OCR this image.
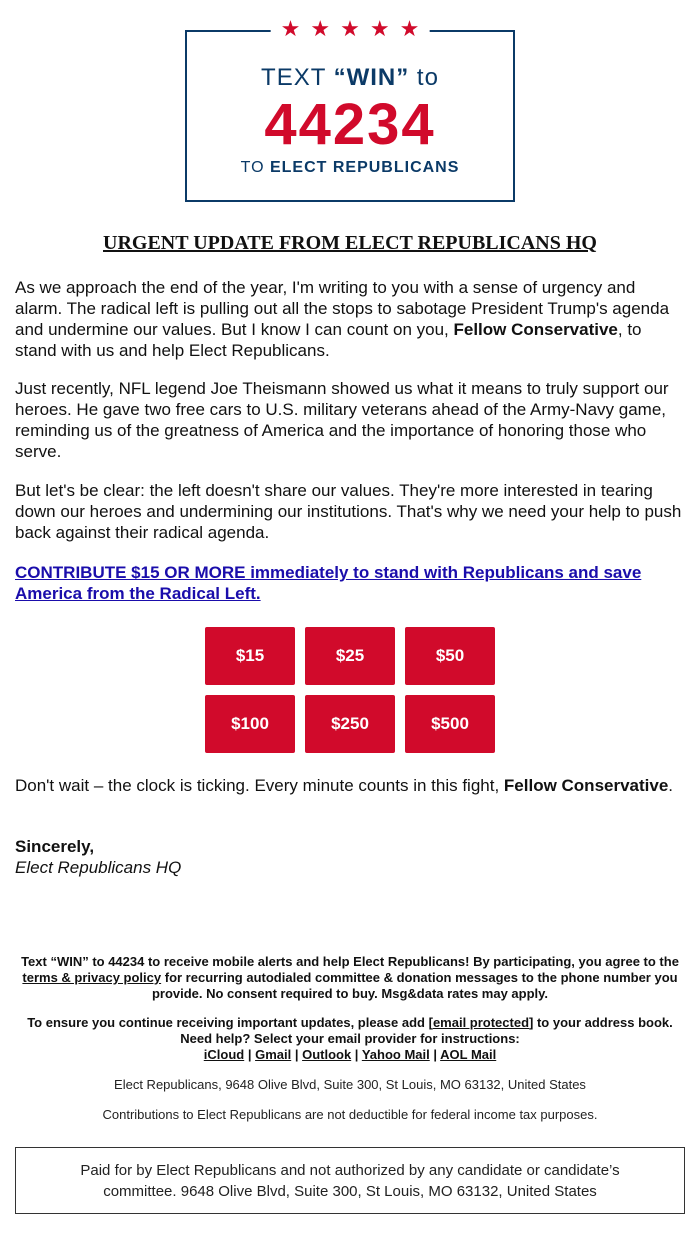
★ ★ ★ ★ ★
TEXT “WIN” to
44234
TO ELECT REPUBLICANS
URGENT UPDATE FROM ELECT REPUBLICANS HQ

As we approach the end of the year, I'm writing to you with a sense of urgency and alarm. The radical left is pulling out all the stops to sabotage President Trump's agenda and undermine our values. But I know I can count on you, Fellow Conservative, to stand with us and help Elect Republicans.

Just recently, NFL legend Joe Theismann showed us what it means to truly support our heroes. He gave two free cars to U.S. military veterans ahead of the Army-Navy game, reminding us of the greatness of America and the importance of honoring those who serve.

But let's be clear: the left doesn't share our values. They're more interested in tearing down our heroes and undermining our institutions. That's why we need your help to push back against their radical agenda.

CONTRIBUTE $15 OR MORE immediately to stand with Republicans and save America from the Radical Left.
$15	$25	$50
$100	$250	$500

Don't wait – the clock is ticking. Every minute counts in this fight, Fellow Conservative.

Sincerely,
Elect Republicans HQ
Text “WIN” to 44234 to receive mobile alerts and help Elect Republicans! By participating, you agree to the terms & privacy policy for recurring autodialed committee & donation messages to the phone number you provide. No consent required to buy. Msg&data rates may apply.
To ensure you continue receiving important updates, please add [email protected] to your address book. Need help? Select your email provider for instructions:
iCloud | Gmail | Outlook | Yahoo Mail | AOL Mail
Elect Republicans, 9648 Olive Blvd, Suite 300, St Louis, MO 63132, United States
Contributions to Elect Republicans are not deductible for federal income tax purposes.
Paid for by Elect Republicans and not authorized by any candidate or candidate’s committee. 9648 Olive Blvd, Suite 300, St Louis, MO 63132, United States
